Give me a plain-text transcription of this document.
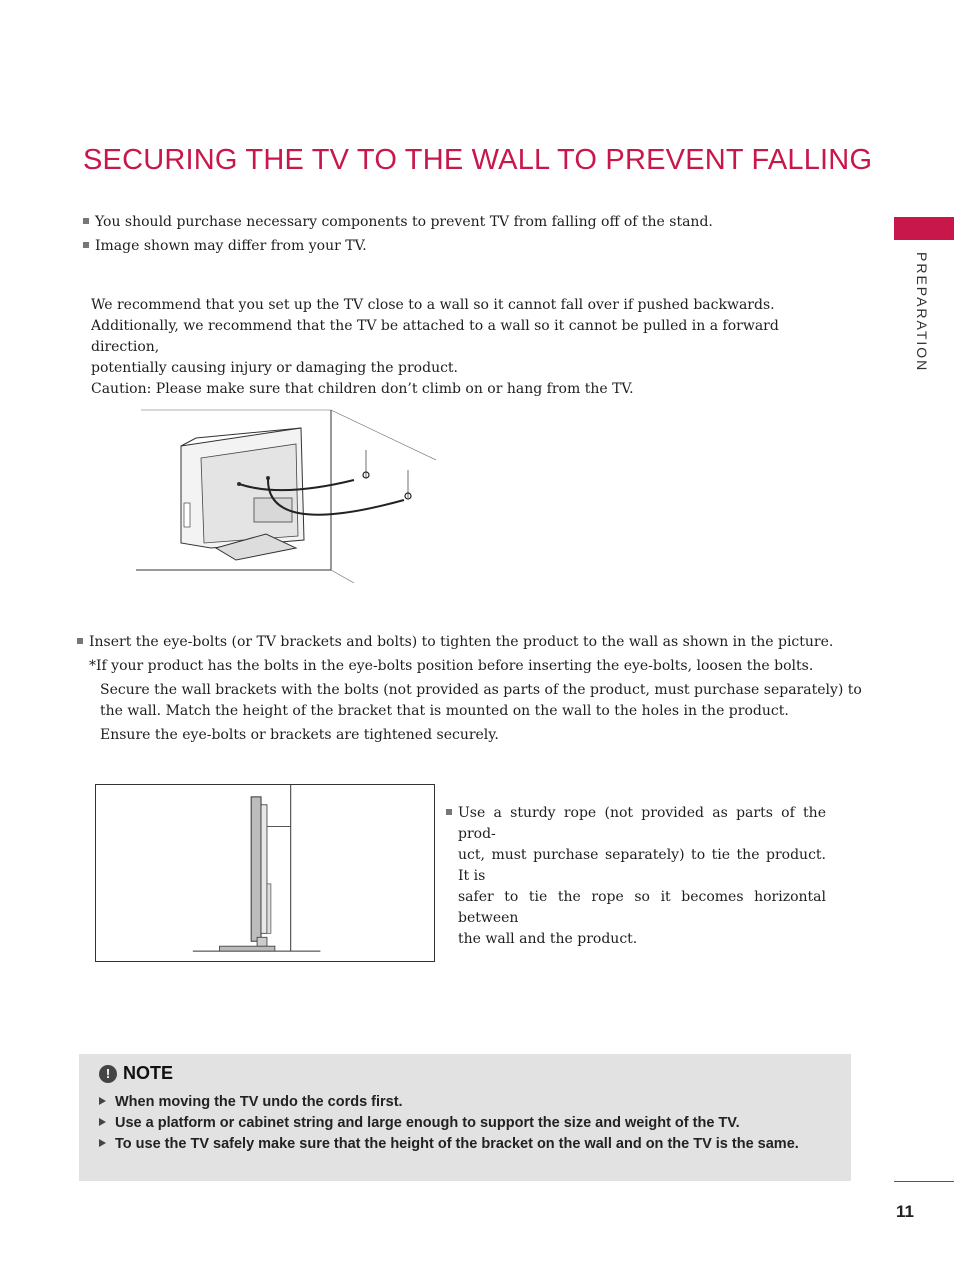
SECURING THE TV TO THE WALL TO PREVENT FALLING
PREPARATION
You should purchase necessary components to prevent TV from falling off of the stand.
Image shown may differ from your TV.

We recommend that you set up the TV close to a wall so it cannot fall over if pushed backwards.

Additionally, we recommend that the TV be attached to a wall so it cannot be pulled in a forward direction,

potentially causing injury or damaging the product.

Caution: Please make sure that children don’t climb on or hang from the TV.

Insert the eye-bolts (or TV brackets and bolts) to tighten the product to the wall as shown in the picture.
*If your product has the bolts in the eye-bolts position before inserting the eye-bolts, loosen the bolts.
Secure the wall brackets with the bolts (not provided as parts of the product, must purchase separately) to
the wall. Match the height of the bracket that is mounted on the wall to the holes in the product.
Ensure the eye-bolts or brackets are tightened securely.
Use a sturdy rope (not provided as parts of the prod-
uct, must purchase separately) to tie the product. It is
safer to tie the rope so it becomes horizontal between
the wall and the product.
! NOTE
When moving the TV undo the cords first.
Use a platform or cabinet string and large enough to support the size and weight of the TV.
To use the TV safely make sure that the height of the bracket on the wall and on the TV is the same.
11
